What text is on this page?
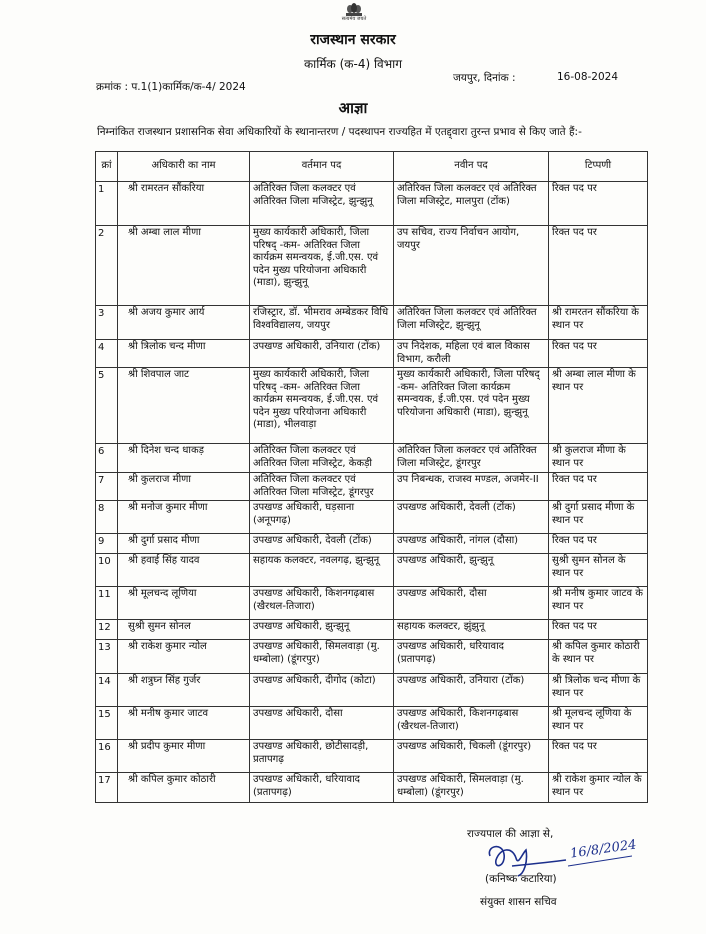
सत्यमेव जयते
राजस्थान सरकार
कार्मिक (क-4) विभाग
क्रमांक : प.1(1)कार्मिक/क-4/ 2024
जयपुर, दिनांक :	16-08-2024
आज्ञा
निम्नांकित राजस्थान प्रशासनिक सेवा अधिकारियों के स्थानान्तरण / पदस्थापन राज्यहित में एतद्द्वारा तुरन्त प्रभाव से किए जाते हैं:-
क्रां	अधिकारी का नाम	वर्तमान पद	नवीन पद	टिप्पणी
1	श्री रामरतन सौंकरिया	अतिरिक्त जिला कलक्टर एवं अतिरिक्त जिला मजिस्ट्रेट, झुन्झुनू	अतिरिक्त जिला कलक्टर एवं अतिरिक्त जिला मजिस्ट्रेट, मालपुरा (टोंक)	रिक्त पद पर
2	श्री अम्बा लाल मीणा	मुख्य कार्यकारी अधिकारी, जिला परिषद् -कम- अतिरिक्त जिला कार्यक्रम समन्वयक, ई.जी.एस. एवं पदेन मुख्य परियोजना अधिकारी (माडा), झुन्झुनू	उप सचिव, राज्य निर्वाचन आयोग, जयपुर	रिक्त पद पर
3	श्री अजय कुमार आर्य	रजिस्ट्रार, डॉ. भीमराव अम्बेडकर विधि विश्वविद्यालय, जयपुर	अतिरिक्त जिला कलक्टर एवं अतिरिक्त जिला मजिस्ट्रेट, झुन्झुनू	श्री रामरतन सौंकरिया के स्थान पर
4	श्री त्रिलोक चन्द मीणा	उपखण्ड अधिकारी, उनियारा (टोंक)	उप निदेशक, महिला एवं बाल विकास विभाग, करौली	रिक्त पद पर
5	श्री शिवपाल जाट	मुख्य कार्यकारी अधिकारी, जिला परिषद् -कम- अतिरिक्त जिला कार्यक्रम समन्वयक, ई.जी.एस. एवं पदेन मुख्य परियोजना अधिकारी (माडा), भीलवाड़ा	मुख्य कार्यकारी अधिकारी, जिला परिषद् -कम- अतिरिक्त जिला कार्यक्रम समन्वयक, ई.जी.एस. एवं पदेन मुख्य परियोजना अधिकारी (माडा), झुन्झुनू	श्री अम्बा लाल मीणा के स्थान पर
6	श्री दिनेश चन्द धाकड़	अतिरिक्त जिला कलक्टर एवं अतिरिक्त जिला मजिस्ट्रेट, केकड़ी	अतिरिक्त जिला कलक्टर एवं अतिरिक्त जिला मजिस्ट्रेट, डूंगरपुर	श्री कुलराज मीणा के स्थान पर
7	श्री कुलराज मीणा	अतिरिक्त जिला कलक्टर एवं अतिरिक्त जिला मजिस्ट्रेट, डूंगरपुर	उप निबन्धक, राजस्व मण्डल, अजमेर-II	रिक्त पद पर
8	श्री मनोज कुमार मीणा	उपखण्ड अधिकारी, घड़साना (अनूपगढ़)	उपखण्ड अधिकारी, देवली (टोंक)	श्री दुर्गा प्रसाद मीणा के स्थान पर
9	श्री दुर्गा प्रसाद मीणा	उपखण्ड अधिकारी, देवली (टोंक)	उपखण्ड अधिकारी, नांगल (दौसा)	रिक्त पद पर
10	श्री हवाई सिंह यादव	सहायक कलक्टर, नवलगढ़, झुन्झुनू	उपखण्ड अधिकारी, झुन्झुनू	सुश्री सुमन सोनल के स्थान पर
11	श्री मूलचन्द लूणिया	उपखण्ड अधिकारी, किशनगढ़बास (खैरथल-तिजारा)	उपखण्ड अधिकारी, दौसा	श्री मनीष कुमार जाटव के स्थान पर
12	सुश्री सुमन सोनल	उपखण्ड अधिकारी, झुन्झुनू	सहायक कलक्टर, झुंझुनू	रिक्त पद पर
13	श्री राकेश कुमार न्योल	उपखण्ड अधिकारी, सिमलवाड़ा (मु. धम्बोला) (डूंगरपुर)	उपखण्ड अधिकारी, धरियावाद (प्रतापगढ़)	श्री कपिल कुमार कोठारी के स्थान पर
14	श्री शत्रुघ्न सिंह गुर्जर	उपखण्ड अधिकारी, दीगोद (कोटा)	उपखण्ड अधिकारी, उनियारा (टोंक)	श्री त्रिलोक चन्द मीणा के स्थान पर
15	श्री मनीष कुमार जाटव	उपखण्ड अधिकारी, दौसा	उपखण्ड अधिकारी, किशनगढ़बास (खैरथल-तिजारा)	श्री मूलचन्द लूणिया के स्थान पर
16	श्री प्रदीप कुमार मीणा	उपखण्ड अधिकारी, छोटीसादड़ी, प्रतापगढ़	उपखण्ड अधिकारी, चिकली (डूंगरपुर)	रिक्त पद पर
17	श्री कपिल कुमार कोठारी	उपखण्ड अधिकारी, धरियावाद (प्रतापगढ़)	उपखण्ड अधिकारी, सिमलवाड़ा (मु. धम्बोला) (डूंगरपुर)	श्री राकेश कुमार न्योल के स्थान पर
राज्यपाल की आज्ञा से,
16/8/2024
(कनिष्क कटारिया)
संयुक्त शासन सचिव
